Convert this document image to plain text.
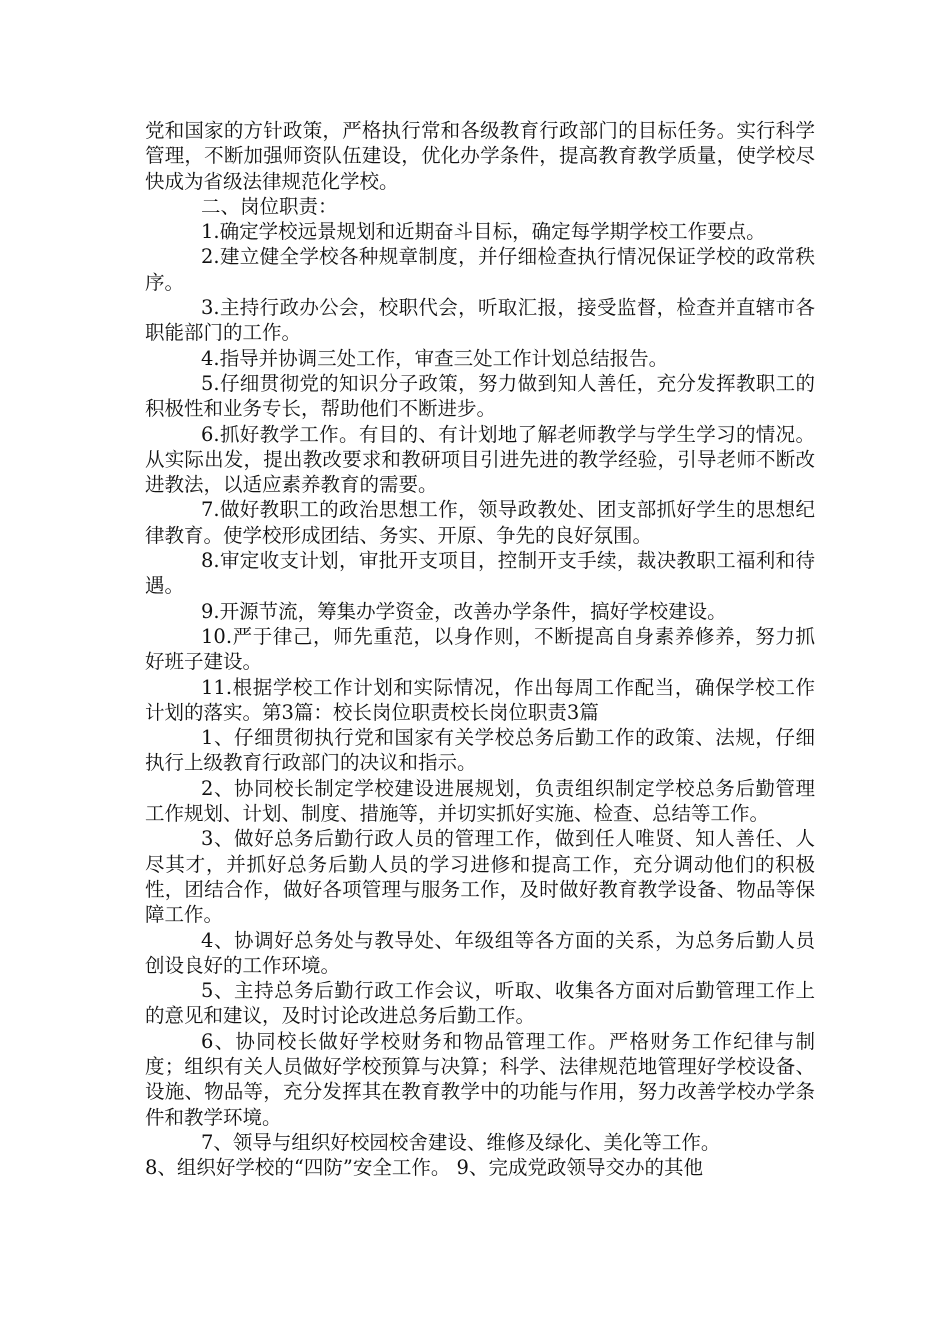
党和国家的方针政策，严格执行常和各级教育行政部门的目标任务。实行科学管理，不断加强师资队伍建设，优化办学条件，提高教育教学质量，使学校尽快成为省级法律规范化学校。

二、岗位职责：

1.确定学校远景规划和近期奋斗目标，确定每学期学校工作要点。

2.建立健全学校各种规章制度，并仔细检查执行情况保证学校的政常秩序。

3.主持行政办公会，校职代会，听取汇报，接受监督，检查并直辖市各职能部门的工作。

4.指导并协调三处工作，审查三处工作计划总结报告。

5.仔细贯彻党的知识分子政策，努力做到知人善任，充分发挥教职工的积极性和业务专长，帮助他们不断进步。

6.抓好教学工作。有目的、有计划地了解老师教学与学生学习的情况。从实际出发，提出教改要求和教研项目引进先进的教学经验，引导老师不断改进教法，以适应素养教育的需要。

7.做好教职工的政治思想工作，领导政教处、团支部抓好学生的思想纪律教育。使学校形成团结、务实、开原、争先的良好氛围。

8.审定收支计划，审批开支项目，控制开支手续，裁决教职工福利和待遇。

9.开源节流，筹集办学资金，改善办学条件，搞好学校建设。

10.严于律己，师先重范，以身作则，不断提高自身素养修养，努力抓好班子建设。

11.根据学校工作计划和实际情况，作出每周工作配当，确保学校工作计划的落实。第3篇：校长岗位职责校长岗位职责3篇

1、仔细贯彻执行党和国家有关学校总务后勤工作的政策、法规，仔细执行上级教育行政部门的决议和指示。

2、协同校长制定学校建设进展规划，负责组织制定学校总务后勤管理工作规划、计划、制度、措施等，并切实抓好实施、检查、总结等工作。

3、做好总务后勤行政人员的管理工作，做到任人唯贤、知人善任、人尽其才，并抓好总务后勤人员的学习进修和提高工作，充分调动他们的积极性，团结合作，做好各项管理与服务工作，及时做好教育教学设备、物品等保障工作。

4、协调好总务处与教导处、年级组等各方面的关系，为总务后勤人员创设良好的工作环境。

5、主持总务后勤行政工作会议，听取、收集各方面对后勤管理工作上的意见和建议，及时讨论改进总务后勤工作。

6、协同校长做好学校财务和物品管理工作。严格财务工作纪律与制度；组织有关人员做好学校预算与决算；科学、法律规范地管理好学校设备、设施、物品等，充分发挥其在教育教学中的功能与作用，努力改善学校办学条件和教学环境。

7、领导与组织好校园校舍建设、维修及绿化、美化等工作。

8、组织好学校的“四防”安全工作。 9、完成党政领导交办的其他
